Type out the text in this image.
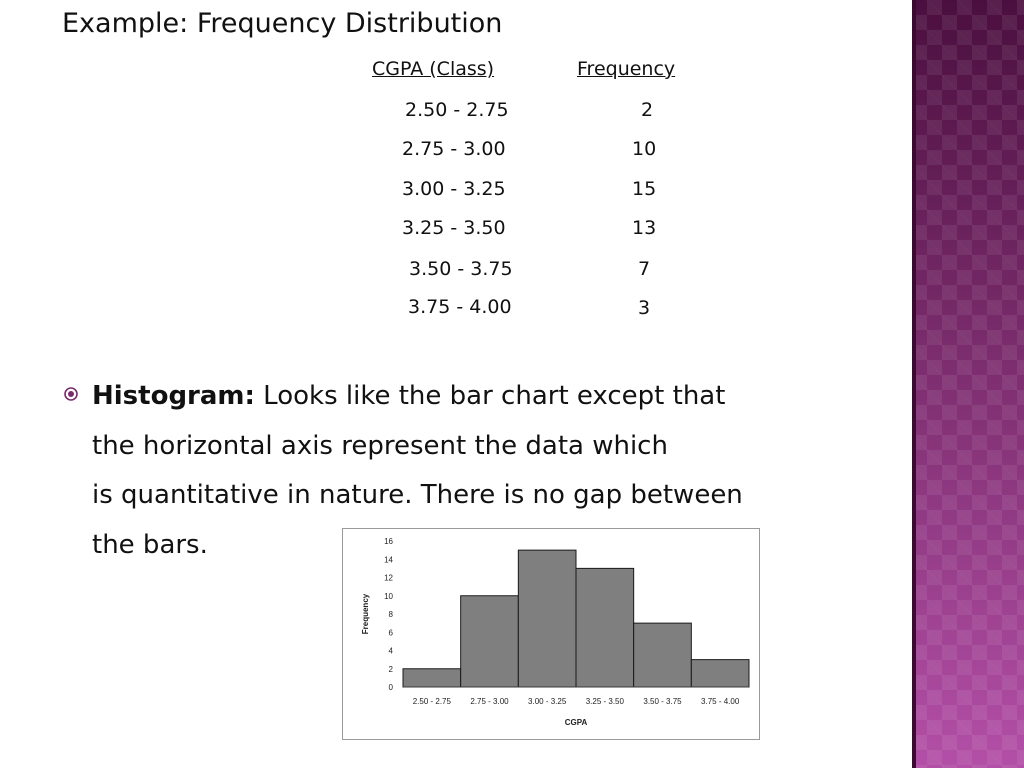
Example: Frequency Distribution
CGPA (Class)	Frequency
2.50 - 2.75	2
2.75 - 3.00	10
3.00 - 3.25	15
3.25 - 3.50	13
3.50 - 3.75	7
3.75 - 4.00	3
Histogram: Looks like the bar chart except that
the horizontal axis represent the data which
is quantitative in nature. There is no gap between
the bars.
0
2
4
6
8
10
12
14
16
2.50 - 2.75 2.75 - 3.00 3.00 - 3.25 3.25 - 3.50 3.50 - 3.75 3.75 - 4.00
CGPA
Frequency
